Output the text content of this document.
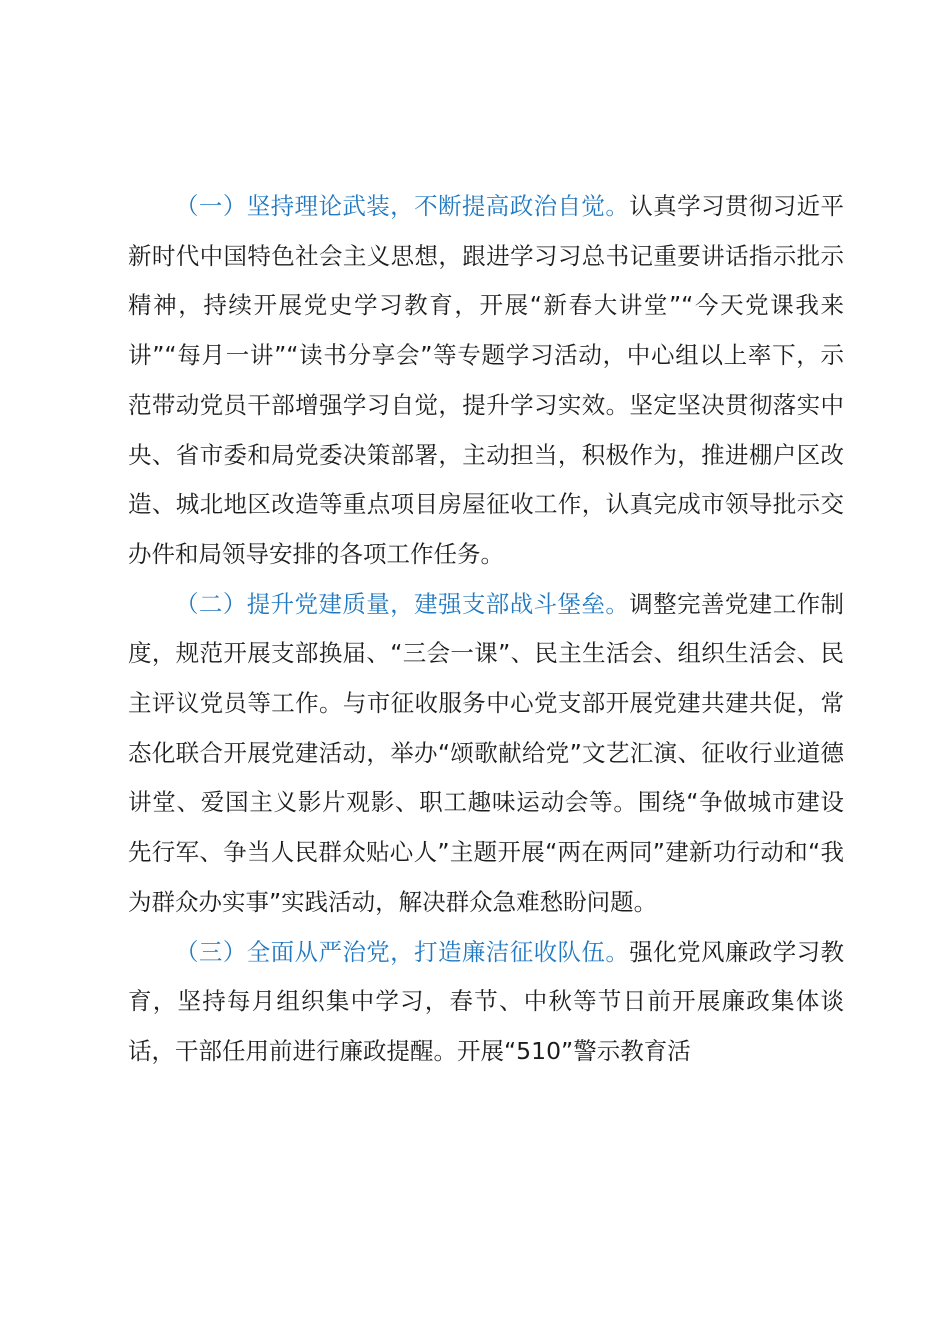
（一）坚持理论武装，不断提高政治自觉。认真学习贯彻习近平新时代中国特色社会主义思想，跟进学习习总书记重要讲话指示批示精神，持续开展党史学习教育，开展“新春大讲堂”“今天党课我来讲”“每月一讲”“读书分享会”等专题学习活动，中心组以上率下，示范带动党员干部增强学习自觉，提升学习实效。坚定坚决贯彻落实中央、省市委和局党委决策部署，主动担当，积极作为，推进棚户区改造、城北地区改造等重点项目房屋征收工作，认真完成市领导批示交办件和局领导安排的各项工作任务。

（二）提升党建质量，建强支部战斗堡垒。调整完善党建工作制度，规范开展支部换届、“三会一课”、民主生活会、组织生活会、民主评议党员等工作。与市征收服务中心党支部开展党建共建共促，常态化联合开展党建活动，举办“颂歌献给党”文艺汇演、征收行业道德讲堂、爱国主义影片观影、职工趣味运动会等。围绕“争做城市建设先行军、争当人民群众贴心人”主题开展“两在两同”建新功行动和“我为群众办实事”实践活动，解决群众急难愁盼问题。

（三）全面从严治党，打造廉洁征收队伍。强化党风廉政学习教育，坚持每月组织集中学习，春节、中秋等节日前开展廉政集体谈话，干部任用前进行廉政提醒。开展“510”警示教育活
